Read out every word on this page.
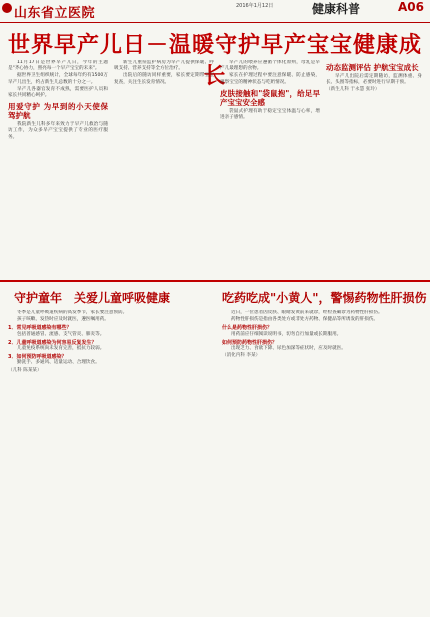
山东省立医院	2016年1月12日	健康科普	A06
世界早产儿日－温暖守护早产宝宝健康成长

11月17日是世界早产儿日，今年的主题是"齐心协力，照亮每一个早产宝宝的未来"。

据世界卫生组织统计，全球每年约有1500万早产儿出生，约占新生儿总数的十分之一。

早产儿各器官发育不成熟，需要医护人员和家长共同精心呵护。

用爱守护 为早到的小天使保驾护航

我院新生儿科多年来致力于早产儿救治与随访工作，为众多早产宝宝提供了专业的医疗服务。

新生儿重症监护病房为早产儿提供保暖、呼吸支持、营养支持等全方位治疗。

出院后的随访同样重要，家长要定期带宝宝复查，关注生长发育情况。

早产儿的喂养应遵循个体化原则，母乳是早产儿最理想的食物。

家长在护理过程中要注意保暖、防止感染，观察宝宝的精神状态与吃奶情况。

皮肤接触和"袋鼠抱"，给足早产宝宝安全感

袋鼠式护理有助于稳定宝宝体温与心率，增进亲子感情。

动态监测评估 护航宝宝成长

早产儿出院后需定期随访，监测体重、身长、头围等指标，必要时进行早期干预。

（新生儿科 于永慧 张玲）
守护童年　关爱儿童呼吸健康

冬季是儿童呼吸道疾病的高发季节，家长要注意预防。

孩子咳嗽、发热时应及时就医，遵医嘱用药。

1．常见呼吸道感染有哪些？

包括普通感冒、流感、支气管炎、肺炎等。

2．儿童呼吸道感染为何容易反复发生？

儿童免疫系统尚未发育完善，抵抗力较弱。

3．如何预防呼吸道感染？

勤洗手、多通风、适量运动、合理饮食。

（儿科 陈某某）
吃药吃成"小黄人"，警惕药物性肝损伤

近日，一位患者因皮肤、眼睛发黄前来就诊，经检查确诊为药物性肝损伤。

药物性肝损伤是指由各类处方或非处方药物、保健品等所诱发的肝损伤。

什么是药物性肝损伤？

用药前应仔细阅读说明书，切勿自行加量或长期服用。

如何预防药物性肝损伤？

出现乏力、食欲下降、尿色加深等症状时，应及时就医。

（消化内科 李某）
